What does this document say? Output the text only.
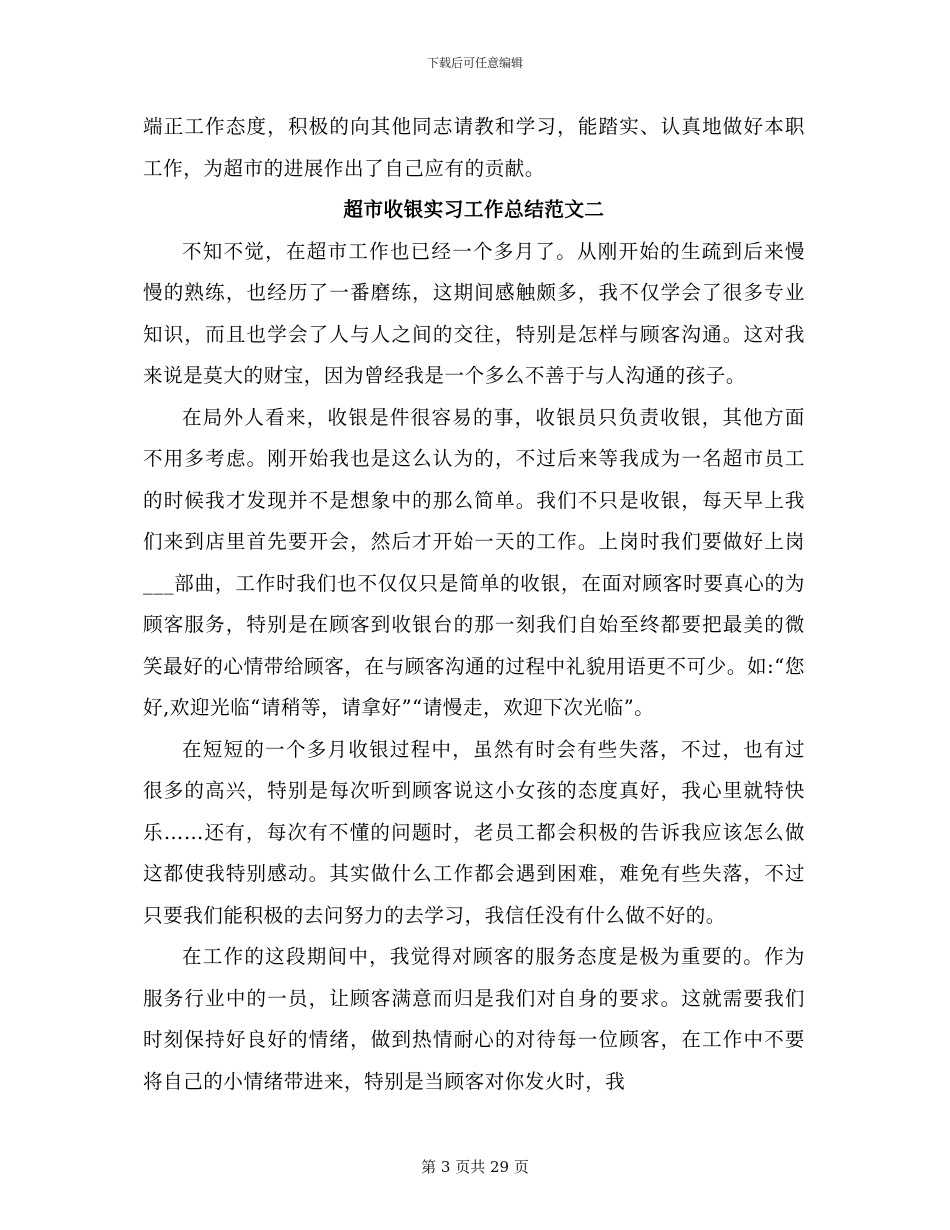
下载后可任意编辑

端正工作态度，积极的向其他同志请教和学习，能踏实、认真地做好本职工作，为超市的进展作出了自己应有的贡献。

超市收银实习工作总结范文二

不知不觉，在超市工作也已经一个多月了。从刚开始的生疏到后来慢慢的熟练，也经历了一番磨练，这期间感触颇多，我不仅学会了很多专业知识，而且也学会了人与人之间的交往，特别是怎样与顾客沟通。这对我来说是莫大的财宝，因为曾经我是一个多么不善于与人沟通的孩子。

在局外人看来，收银是件很容易的事，收银员只负责收银，其他方面不用多考虑。刚开始我也是这么认为的，不过后来等我成为一名超市员工的时候我才发现并不是想象中的那么简单。我们不只是收银，每天早上我们来到店里首先要开会，然后才开始一天的工作。上岗时我们要做好上岗___部曲，工作时我们也不仅仅只是简单的收银，在面对顾客时要真心的为顾客服务，特别是在顾客到收银台的那一刻我们自始至终都要把最美的微笑最好的心情带给顾客，在与顾客沟通的过程中礼貌用语更不可少。如:“您好,欢迎光临“请稍等，请拿好”“请慢走，欢迎下次光临”。

在短短的一个多月收银过程中，虽然有时会有些失落，不过，也有过很多的高兴，特别是每次听到顾客说这小女孩的态度真好，我心里就特快乐……还有，每次有不懂的问题时，老员工都会积极的告诉我应该怎么做这都使我特别感动。其实做什么工作都会遇到困难，难免有些失落，不过只要我们能积极的去问努力的去学习，我信任没有什么做不好的。

在工作的这段期间中，我觉得对顾客的服务态度是极为重要的。作为服务行业中的一员，让顾客满意而归是我们对自身的要求。这就需要我们时刻保持好良好的情绪，做到热情耐心的对待每一位顾客，在工作中不要将自己的小情绪带进来，特别是当顾客对你发火时，我

第 3 页共 29 页
